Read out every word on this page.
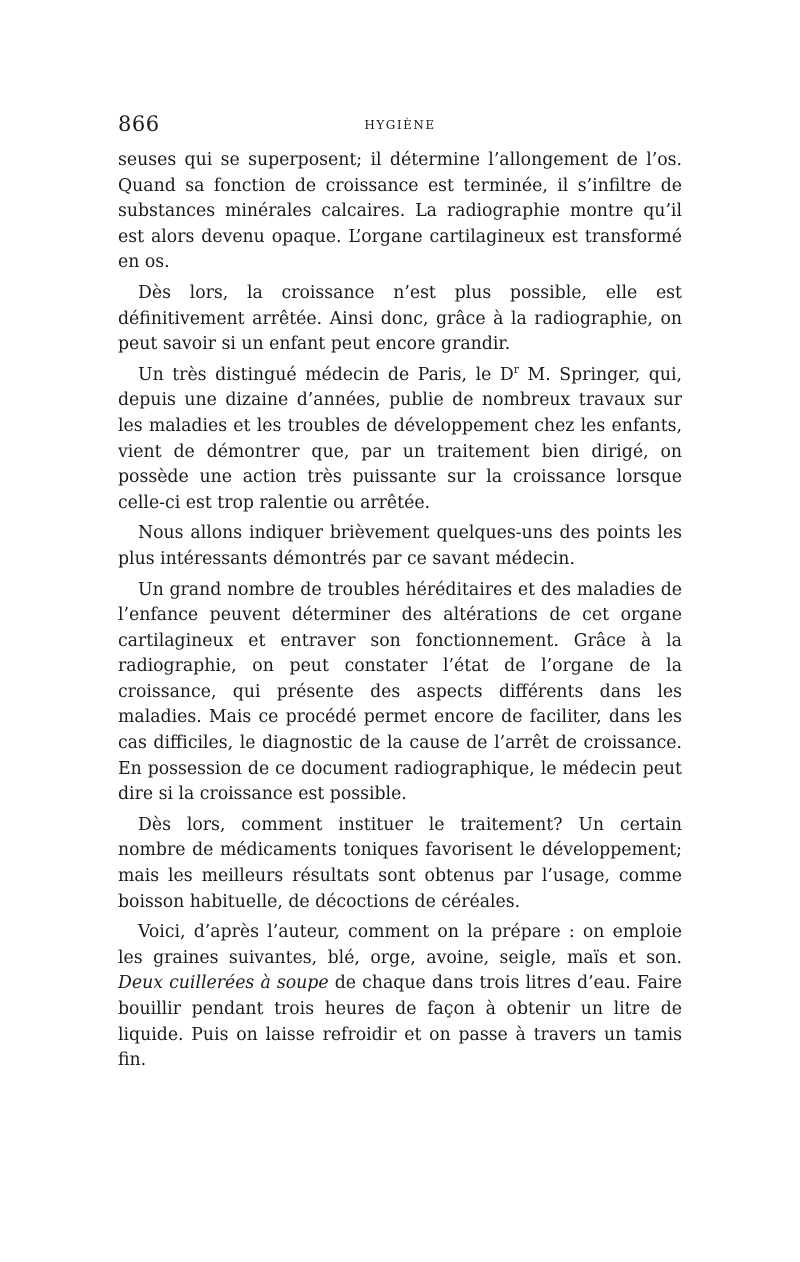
866	HYGIÈNE

seuses qui se superposent; il détermine l’allongement de l’os. Quand sa fonction de croissance est terminée, il s’infiltre de substances minérales calcaires. La radiographie montre qu’il est alors devenu opaque. L’organe cartilagineux est transformé en os.

Dès lors, la croissance n’est plus possible, elle est définitivement arrêtée. Ainsi donc, grâce à la radiographie, on peut savoir si un enfant peut encore grandir.

Un très distingué médecin de Paris, le $D^r$ M. Springer, qui, depuis une dizaine d’années, publie de nombreux travaux sur les maladies et les troubles de développement chez les enfants, vient de démontrer que, par un traitement bien dirigé, on possède une action très puissante sur la croissance lorsque celle-ci est trop ralentie ou arrêtée.

Nous allons indiquer brièvement quelques-uns des points les plus intéressants démontrés par ce savant médecin.

Un grand nombre de troubles héréditaires et des maladies de l’enfance peuvent déterminer des altérations de cet organe cartilagineux et entraver son fonctionnement. Grâce à la radiographie, on peut constater l’état de l’organe de la croissance, qui présente des aspects différents dans les maladies. Mais ce procédé permet encore de faciliter, dans les cas difficiles, le diagnostic de la cause de l’arrêt de croissance. En possession de ce document radiographique, le médecin peut dire si la croissance est possible.

Dès lors, comment instituer le traitement? Un certain nombre de médicaments toniques favorisent le développement; mais les meilleurs résultats sont obtenus par l’usage, comme boisson habituelle, de décoctions de céréales.

Voici, d’après l’auteur, comment on la prépare : on emploie les graines suivantes, blé, orge, avoine, seigle, maïs et son. Deux cuillerées à soupe de chaque dans trois litres d’eau. Faire bouillir pendant trois heures de façon à obtenir un litre de liquide. Puis on laisse refroidir et on passe à travers un tamis fin.
